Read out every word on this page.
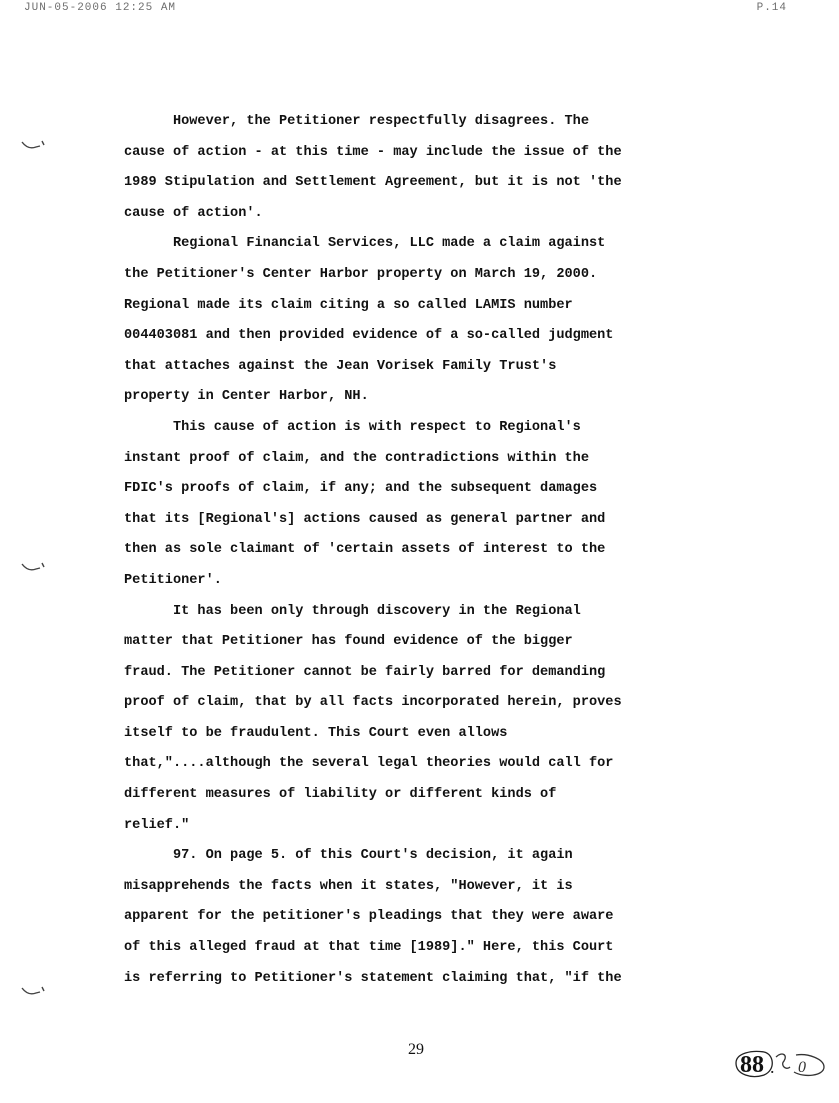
JUN-05-2006 12:25 AM	P.14
However, the Petitioner respectfully disagrees. The
cause of action - at this time - may include the issue of the
1989 Stipulation and Settlement Agreement, but it is not 'the
cause of action'.
Regional Financial Services, LLC made a claim against
the Petitioner's Center Harbor property on March 19, 2000.
Regional made its claim citing a so called LAMIS number
004403081 and then provided evidence of a so-called judgment
that attaches against the Jean Vorisek Family Trust's
property in Center Harbor, NH.
This cause of action is with respect to Regional's
instant proof of claim, and the contradictions within the
FDIC's proofs of claim, if any; and the subsequent damages
that its [Regional's] actions caused as general partner and
then as sole claimant of 'certain assets of interest to the
Petitioner'.
It has been only through discovery in the Regional
matter that Petitioner has found evidence of the bigger
fraud. The Petitioner cannot be fairly barred for demanding
proof of claim, that by all facts incorporated herein, proves
itself to be fraudulent. This Court even allows
that,"....although the several legal theories would call for
different measures of liability or different kinds of
relief."
97. On page 5. of this Court's decision, it again
misapprehends the facts when it states, "However, it is
apparent for the petitioner's pleadings that they were aware
of this alleged fraud at that time [1989]." Here, this Court
is referring to Petitioner's statement claiming that, "if the
29
88 . 0
